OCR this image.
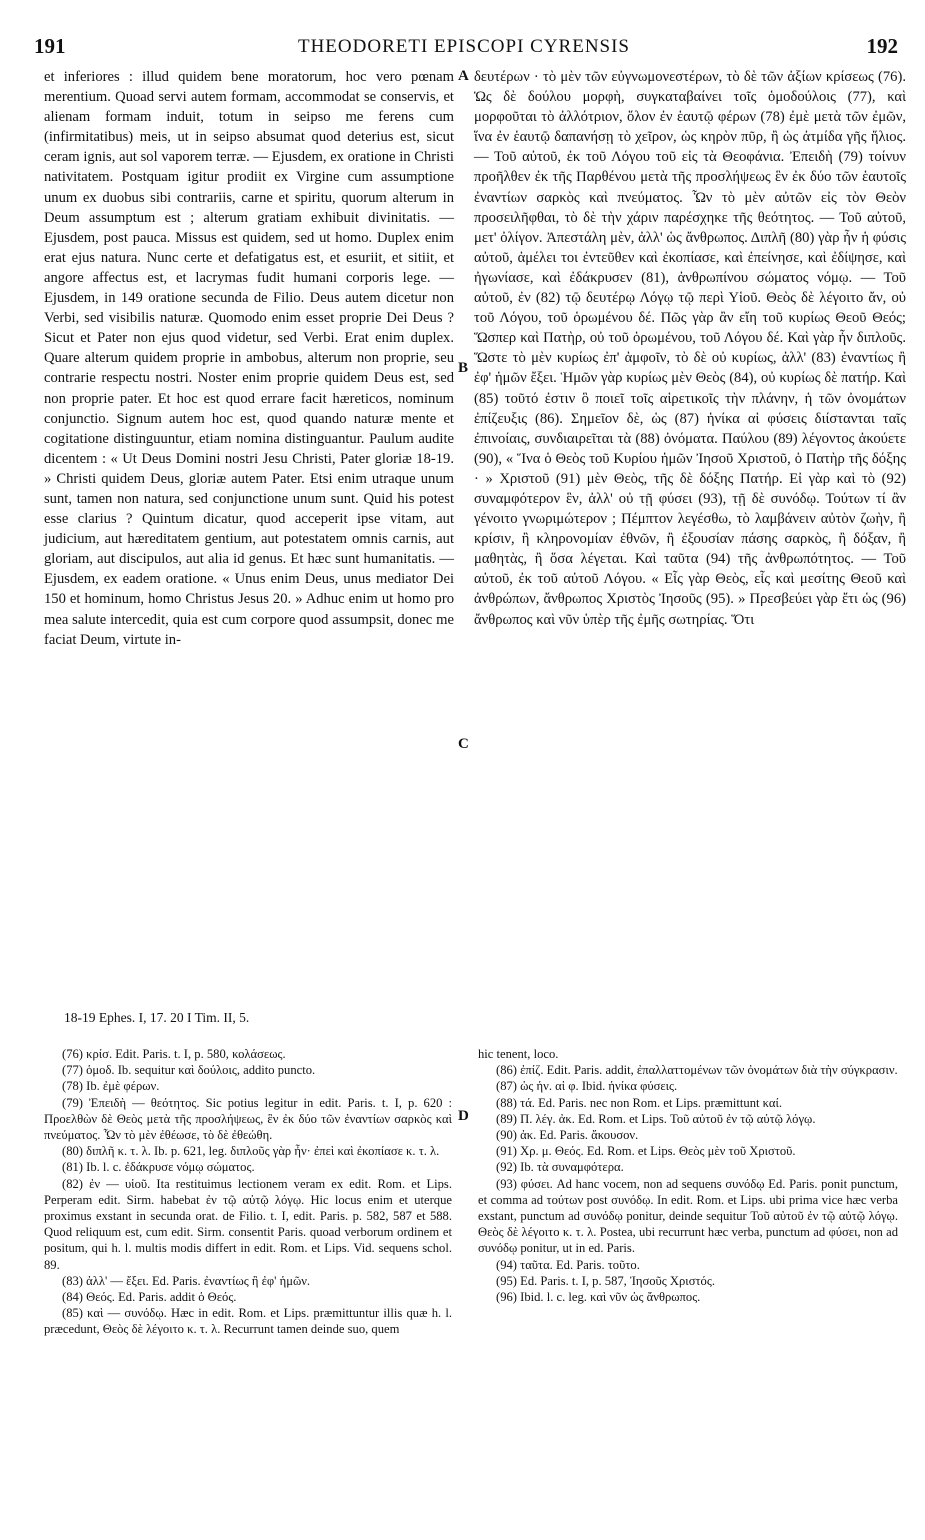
191	THEODORETI EPISCOPI CYRENSIS	192

et inferiores : illud quidem bene moratorum, hoc vero pœnam merentium. Quoad servi autem formam, accommodat se conservis, et alienam formam induit, totum in seipso me ferens cum (infirmitatibus) meis, ut in seipso absumat quod deterius est, sicut ceram ignis, aut sol vaporem terræ. — Ejusdem, ex oratione in Christi nativitatem. Postquam igitur prodiit ex Virgine cum assumptione unum ex duobus sibi contrariis, carne et spiritu, quorum alterum in Deum assumptum est ; alterum gratiam exhibuit divinitatis. — Ejusdem, post pauca. Missus est quidem, sed ut homo. Duplex enim erat ejus natura. Nunc certe et defatigatus est, et esuriit, et sitiit, et angore affectus est, et lacrymas fudit humani corporis lege. — Ejusdem, in 149 oratione secunda de Filio. Deus autem dicetur non Verbi, sed visibilis naturæ. Quomodo enim esset proprie Dei Deus ? Sicut et Pater non ejus quod videtur, sed Verbi. Erat enim duplex. Quare alterum quidem proprie in ambobus, alterum non proprie, seu contrarie respectu nostri. Noster enim proprie quidem Deus est, sed non proprie pater. Et hoc est quod errare facit hæreticos, nominum conjunctio. Signum autem hoc est, quod quando naturæ mente et cogitatione distinguuntur, etiam nomina distinguantur. Paulum audite dicentem : « Ut Deus Domini nostri Jesu Christi, Pater gloriæ 18-19. » Christi quidem Deus, gloriæ autem Pater. Etsi enim utraque unum sunt, tamen non natura, sed conjunctione unum sunt. Quid his potest esse clarius ? Quintum dicatur, quod acceperit ipse vitam, aut judicium, aut hæreditatem gentium, aut potestatem omnis carnis, aut gloriam, aut discipulos, aut alia id genus. Et hæc sunt humanitatis. — Ejusdem, ex eadem oratione. « Unus enim Deus, unus mediator Dei 150 et hominum, homo Christus Jesus 20. » Adhuc enim ut homo pro mea salute intercedit, quia est cum corpore quod assumpsit, donec me faciat Deum, virtute in-

A
B
C
D

δευτέρων · τὸ μὲν τῶν εὐγνωμονεστέρων, τὸ δὲ τῶν ἀξίων κρίσεως (76). Ὡς δὲ δούλου μορφὴ, συγκαταβαίνει τοῖς ὁμοδούλοις (77), καὶ μορφοῦται τὸ ἀλλότριον, ὅλον ἐν ἑαυτῷ φέρων (78) ἐμὲ μετὰ τῶν ἐμῶν, ἵνα ἐν ἑαυτῷ δαπανήσῃ τὸ χεῖρον, ὡς κηρὸν πῦρ, ἢ ὡς ἀτμίδα γῆς ἥλιος. — Τοῦ αὐτοῦ, ἐκ τοῦ Λόγου τοῦ εἰς τὰ Θεοφάνια. Ἐπειδὴ (79) τοίνυν προῆλθεν ἐκ τῆς Παρθένου μετὰ τῆς προσλήψεως ἓν ἐκ δύο τῶν ἑαυτοῖς ἐναντίων σαρκὸς καὶ πνεύματος. Ὧν τὸ μὲν αὐτῶν εἰς τὸν Θεὸν προσειλῆφθαι, τὸ δὲ τὴν χάριν παρέσχηκε τῆς θεότητος. — Τοῦ αὐτοῦ, μετ' ὀλίγον. Ἀπεστάλη μὲν, ἀλλ' ὡς ἄνθρωπος. Διπλῆ (80) γὰρ ἦν ἡ φύσις αὐτοῦ, ἀμέλει τοι ἐντεῦθεν καὶ ἐκοπίασε, καὶ ἐπείνησε, καὶ ἐδίψησε, καὶ ἠγωνίασε, καὶ ἐδάκρυσεν (81), ἀνθρωπίνου σώματος νόμῳ. — Τοῦ αὐτοῦ, ἐν (82) τῷ δευτέρῳ Λόγῳ τῷ περὶ Υἱοῦ. Θεὸς δὲ λέγοιτο ἄν, οὐ τοῦ Λόγου, τοῦ ὁρωμένου δέ. Πῶς γὰρ ἂν εἴη τοῦ κυρίως Θεοῦ Θεός; Ὥσπερ καὶ Πατὴρ, οὐ τοῦ ὁρωμένου, τοῦ Λόγου δέ. Καὶ γὰρ ἦν διπλοῦς. Ὥστε τὸ μὲν κυρίως ἐπ' ἀμφοῖν, τὸ δὲ οὐ κυρίως, ἀλλ' (83) ἐναντίως ἢ ἐφ' ἡμῶν ἔξει. Ἡμῶν γὰρ κυρίως μὲν Θεὸς (84), οὐ κυρίως δὲ πατήρ. Καὶ (85) τοῦτό ἐστιν ὃ ποιεῖ τοῖς αἱρετικοῖς τὴν πλάνην, ἡ τῶν ὀνομάτων ἐπίζευξις (86). Σημεῖον δὲ, ὡς (87) ἡνίκα αἱ φύσεις διίστανται ταῖς ἐπινοίαις, συνδιαιρεῖται τὰ (88) ὀνόματα. Παύλου (89) λέγοντος ἀκούετε (90), « Ἵνα ὁ Θεὸς τοῦ Κυρίου ἡμῶν Ἰησοῦ Χριστοῦ, ὁ Πατὴρ τῆς δόξης · » Χριστοῦ (91) μὲν Θεὸς, τῆς δὲ δόξης Πατήρ. Εἰ γὰρ καὶ τὸ (92) συναμφότερον ἓν, ἀλλ' οὐ τῇ φύσει (93), τῇ δὲ συνόδῳ. Τούτων τί ἂν γένοιτο γνωριμώτερον ; Πέμπτον λεγέσθω, τὸ λαμβάνειν αὐτὸν ζωὴν, ἢ κρίσιν, ἢ κληρονομίαν ἐθνῶν, ἢ ἐξουσίαν πάσης σαρκὸς, ἢ δόξαν, ἢ μαθητὰς, ἢ ὅσα λέγεται. Καὶ ταῦτα (94) τῆς ἀνθρωπότητος. — Τοῦ αὐτοῦ, ἐκ τοῦ αὐτοῦ Λόγου. « Εἷς γὰρ Θεὸς, εἷς καὶ μεσίτης Θεοῦ καὶ ἀνθρώπων, ἄνθρωπος Χριστὸς Ἰησοῦς (95). » Πρεσβεύει γὰρ ἔτι ὡς (96) ἄνθρωπος καὶ νῦν ὑπὲρ τῆς ἐμῆς σωτηρίας. Ὅτι

18-19 Ephes. I, 17. 20 I Tim. II, 5.

(76) κρίσ. Edit. Paris. t. I, p. 580, κολάσεως.

(77) ὁμοδ. Ib. sequitur καὶ δούλοις, addito puncto.

(78) Ib. ἐμὲ φέρων.

(79) Ἐπειδὴ — θεότητος. Sic potius legitur in edit. Paris. t. I, p. 620 : Προελθὼν δὲ Θεὸς μετὰ τῆς προσλήψεως, ἓν ἐκ δύο τῶν ἐναντίων σαρκὸς καὶ πνεύματος. Ὧν τὸ μὲν ἐθέωσε, τὸ δὲ ἐθεώθη.

(80) διπλῆ κ. τ. λ. Ib. p. 621, leg. διπλοῦς γὰρ ἦν· ἐπεὶ καὶ ἐκοπίασε κ. τ. λ.

(81) Ib. l. c. ἐδάκρυσε νόμῳ σώματος.

(82) ἐν — υἱοῦ. Ita restituimus lectionem veram ex edit. Rom. et Lips. Perperam edit. Sirm. habebat ἐν τῷ αὐτῷ λόγῳ. Hic locus enim et uterque proximus exstant in secunda orat. de Filio. t. I, edit. Paris. p. 582, 587 et 588. Quod reliquum est, cum edit. Sirm. consentit Paris. quoad verborum ordinem et positum, qui h. l. multis modis differt in edit. Rom. et Lips. Vid. sequens schol. 89.

(83) ἀλλ' — ἔξει. Ed. Paris. ἐναντίως ἢ ἐφ' ἡμῶν.

(84) Θεός. Ed. Paris. addit ὁ Θεός.

(85) καὶ — συνόδῳ. Hæc in edit. Rom. et Lips. præmittuntur illis quæ h. l. præcedunt, Θεὸς δὲ λέγοιτο κ. τ. λ. Recurrunt tamen deinde suo, quem

hic tenent, loco.

(86) ἐπίζ. Edit. Paris. addit, ἐπαλλαττομένων τῶν ὀνομάτων διὰ τὴν σύγκρασιν.

(87) ὡς ἡν. αἱ φ. Ibid. ἡνίκα φύσεις.

(88) τά. Ed. Paris. nec non Rom. et Lips. præmittunt καί.

(89) Π. λέγ. ἀκ. Ed. Rom. et Lips. Τοῦ αὐτοῦ ἐν τῷ αὐτῷ λόγῳ.

(90) ἀκ. Ed. Paris. ἄκουσον.

(91) Χρ. μ. Θεός. Ed. Rom. et Lips. Θεὸς μὲν τοῦ Χριστοῦ.

(92) Ib. τὰ συναμφότερα.

(93) φύσει. Ad hanc vocem, non ad sequens συνόδῳ Ed. Paris. ponit punctum, et comma ad τούτων post συνόδῳ. In edit. Rom. et Lips. ubi prima vice hæc verba exstant, punctum ad συνόδῳ ponitur, deinde sequitur Τοῦ αὐτοῦ ἐν τῷ αὐτῷ λόγῳ. Θεὸς δὲ λέγοιτο κ. τ. λ. Postea, ubi recurrunt hæc verba, punctum ad φύσει, non ad συνόδῳ ponitur, ut in ed. Paris.

(94) ταῦτα. Ed. Paris. τοῦτο.

(95) Ed. Paris. t. I, p. 587, Ἰησοῦς Χριστός.

(96) Ibid. l. c. leg. καὶ νῦν ὡς ἄνθρωπος.
